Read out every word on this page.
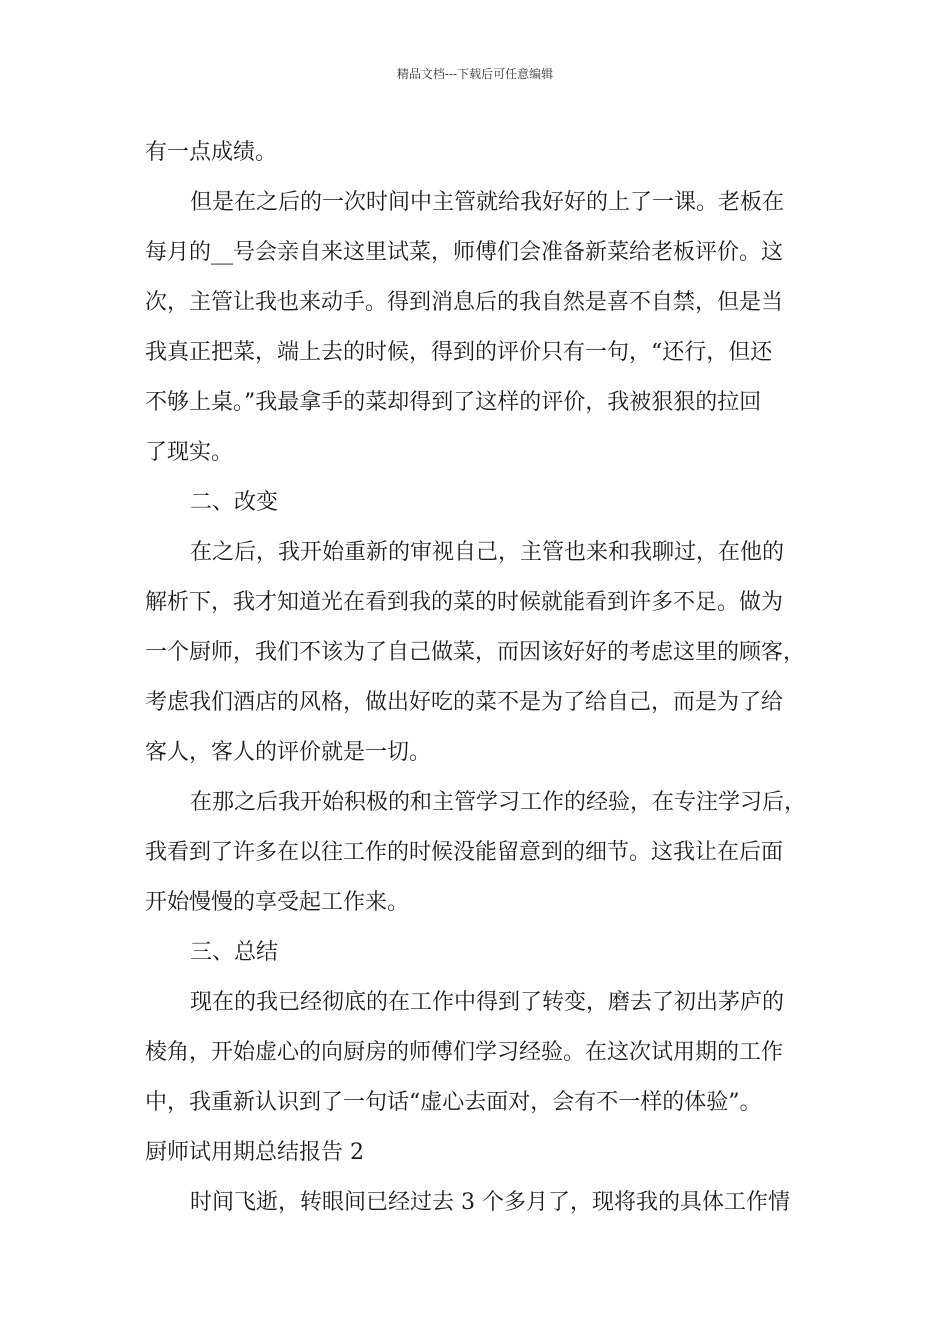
精品文档---下载后可任意编辑
有一点成绩。
但是在之后的一次时间中主管就给我好好的上了一课。老板在
每月的__号会亲自来这里试菜，师傅们会准备新菜给老板评价。这
次，主管让我也来动手。得到消息后的我自然是喜不自禁，但是当
我真正把菜，端上去的时候，得到的评价只有一句，“还行，但还
不够上桌。”我最拿手的菜却得到了这样的评价，我被狠狠的拉回
了现实。
二、改变
在之后，我开始重新的审视自己，主管也来和我聊过，在他的
解析下，我才知道光在看到我的菜的时候就能看到许多不足。做为
一个厨师，我们不该为了自己做菜，而因该好好的考虑这里的顾客，
考虑我们酒店的风格，做出好吃的菜不是为了给自己，而是为了给
客人，客人的评价就是一切。
在那之后我开始积极的和主管学习工作的经验，在专注学习后，
我看到了许多在以往工作的时候没能留意到的细节。这我让在后面
开始慢慢的享受起工作来。
三、总结
现在的我已经彻底的在工作中得到了转变，磨去了初出茅庐的
棱角，开始虚心的向厨房的师傅们学习经验。在这次试用期的工作
中，我重新认识到了一句话“虚心去面对，会有不一样的体验”。
厨师试用期总结报告 2
时间飞逝，转眼间已经过去 3 个多月了，现将我的具体工作情
